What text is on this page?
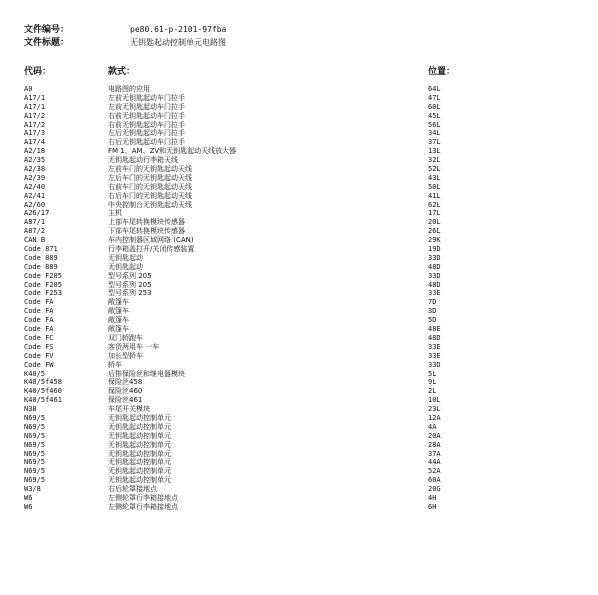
文件编号：	pe80.61-p-2101-97fba
文件标题：	无钥匙起动控制单元电路图
代码：	款式：	位置：
A0	电路图的应用	64L
A17/1	左前无钥匙起动车门拉手	47L
A17/1	左前无钥匙起动车门拉手	60L
A17/2	右前无钥匙起动车门拉手	45L
A17/2	右前无钥匙起动车门拉手	56L
A17/3	左后无钥匙起动车门拉手	34L
A17/4	右后无钥匙起动车门拉手	37L
A2/18	FM 1、AM、ZV和无钥匙起动天线放大器	13L
A2/35	无钥匙起动行李箱天线	32L
A2/38	左前车门的无钥匙起动天线	52L
A2/39	左后车门的无钥匙起动天线	43L
A2/40	右前车门的无钥匙起动天线	50L
A2/41	右后车门的无钥匙起动天线	41L
A2/60	中央控制台无钥匙起动天线	62L
A26/17	主机	17L
A87/1	上部车尾转换模块传感器	20L
A87/2	下部车尾转换模块传感器	26L
CAN B	车内控制器区域网络 (CAN)	29K
Code 871	行李箱盖打开/关闭传感装置	19D
Code 889	无钥匙起动	33D
Code 889	无钥匙起动	48D
Code F205	型号系列 205	33D
Code F205	型号系列 205	48D
Code F253	型号系列 253	33E
Code FA	敞篷车	7D
Code FA	敞篷车	3D
Code FA	敞篷车	5D
Code FA	敞篷车	48E
Code FC	双门轿跑车	48D
Code FS	客货两用车 一车	33E
Code FV	加长型轿车	33E
Code FW	轿车	33D
K40/5	后排保险丝和继电器模块	5L
K40/5f458	保险丝458	9L
K40/5f460	保险丝460	2L
K40/5f461	保险丝461	10L
N38	车尾开关模块	23L
N69/5	无钥匙起动控制单元	12A
N69/5	无钥匙起动控制单元	4A
N69/5	无钥匙起动控制单元	20A
N69/5	无钥匙起动控制单元	28A
N69/5	无钥匙起动控制单元	37A
N69/5	无钥匙起动控制单元	44A
N69/5	无钥匙起动控制单元	52A
N69/5	无钥匙起动控制单元	60A
W3/8	右后轮罩接地点	20G
W6	左侧轮罩行李箱接地点	4H
W6	左侧轮罩行李箱接地点	6H
